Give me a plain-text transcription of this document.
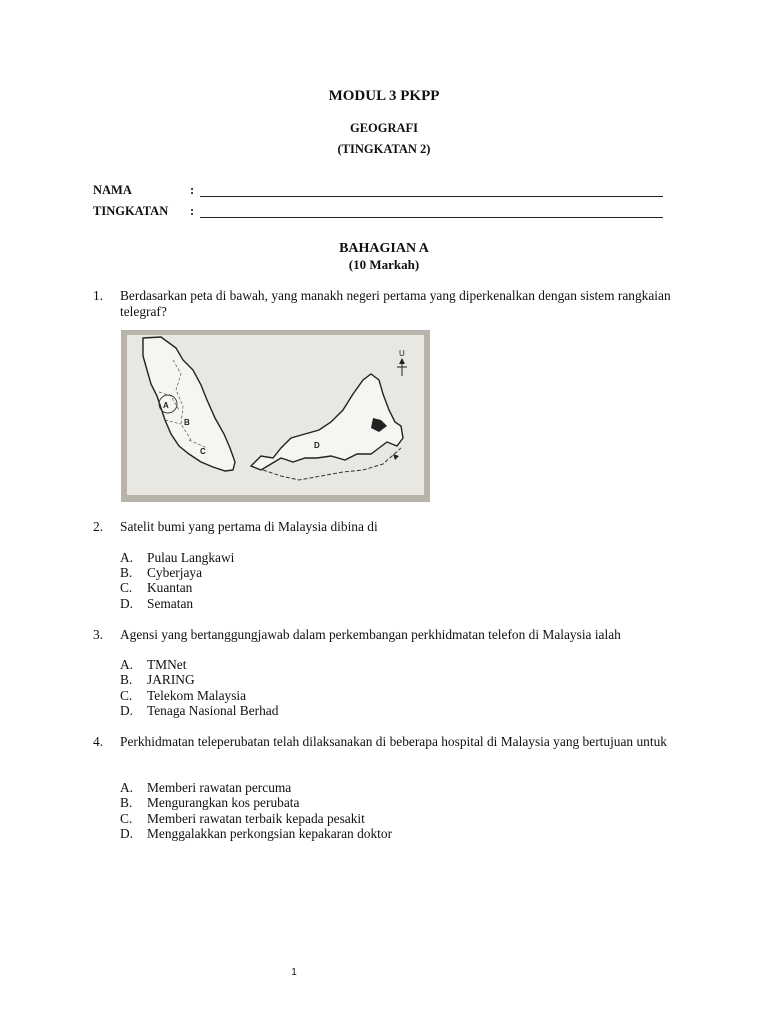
MODUL 3 PKPP
GEOGRAFI
(TINGKATAN 2)
NAMA	:
TINGKATAN :
BAHAGIAN A
(10 Markah)
1. Berdasarkan peta di bawah, yang manakh negeri pertama yang diperkenalkan dengan sistem rangkaian telegraf?
A
B
C
D
U
2. Satelit bumi yang pertama di Malaysia dibina di
A. Pulau Langkawi
B. Cyberjaya
C. Kuantan
D. Sematan
3. Agensi yang bertanggungjawab dalam perkembangan perkhidmatan telefon di Malaysia ialah
A. TMNet
B. JARING
C. Telekom Malaysia
D. Tenaga Nasional Berhad
4. Perkhidmatan teleperubatan telah dilaksanakan di beberapa hospital di Malaysia yang bertujuan untuk
A. Memberi rawatan percuma
B. Mengurangkan kos perubata
C. Memberi rawatan terbaik kepada pesakit
D. Menggalakkan perkongsian kepakaran doktor
1
